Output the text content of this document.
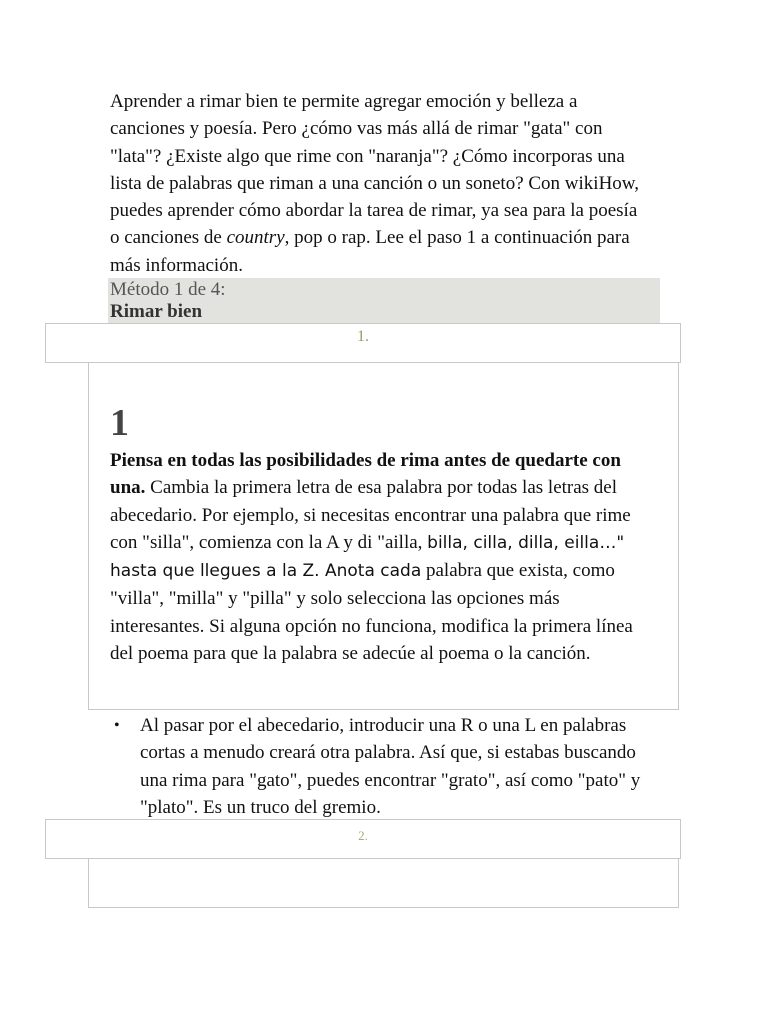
Aprender a rimar bien te permite agregar emoción y belleza a canciones y poesía. Pero ¿cómo vas más allá de rimar "gata" con "lata"? ¿Existe algo que rime con "naranja"? ¿Cómo incorporas una lista de palabras que riman a una canción o un soneto? Con wikiHow, puedes aprender cómo abordar la tarea de rimar, ya sea para la poesía o canciones de country, pop o rap. Lee el paso 1 a continuación para más información.

Método 1 de 4:
Rimar bien
1.
1

Piensa en todas las posibilidades de rima antes de quedarte con una. Cambia la primera letra de esa palabra por todas las letras del abecedario. Por ejemplo, si necesitas encontrar una palabra que rime con "silla", comienza con la A y di "ailla, billa, cilla, dilla, eilla…" hasta que llegues a la Z. Anota cada palabra que exista, como "villa", "milla" y "pilla" y solo selecciona las opciones más interesantes. Si alguna opción no funciona, modifica la primera línea del poema para que la palabra se adecúe al poema o la canción.

• Al pasar por el abecedario, introducir una R o una L en palabras cortas a menudo creará otra palabra. Así que, si estabas buscando una rima para "gato", puedes encontrar "grato", así como "pato" y "plato". Es un truco del gremio.
2.
